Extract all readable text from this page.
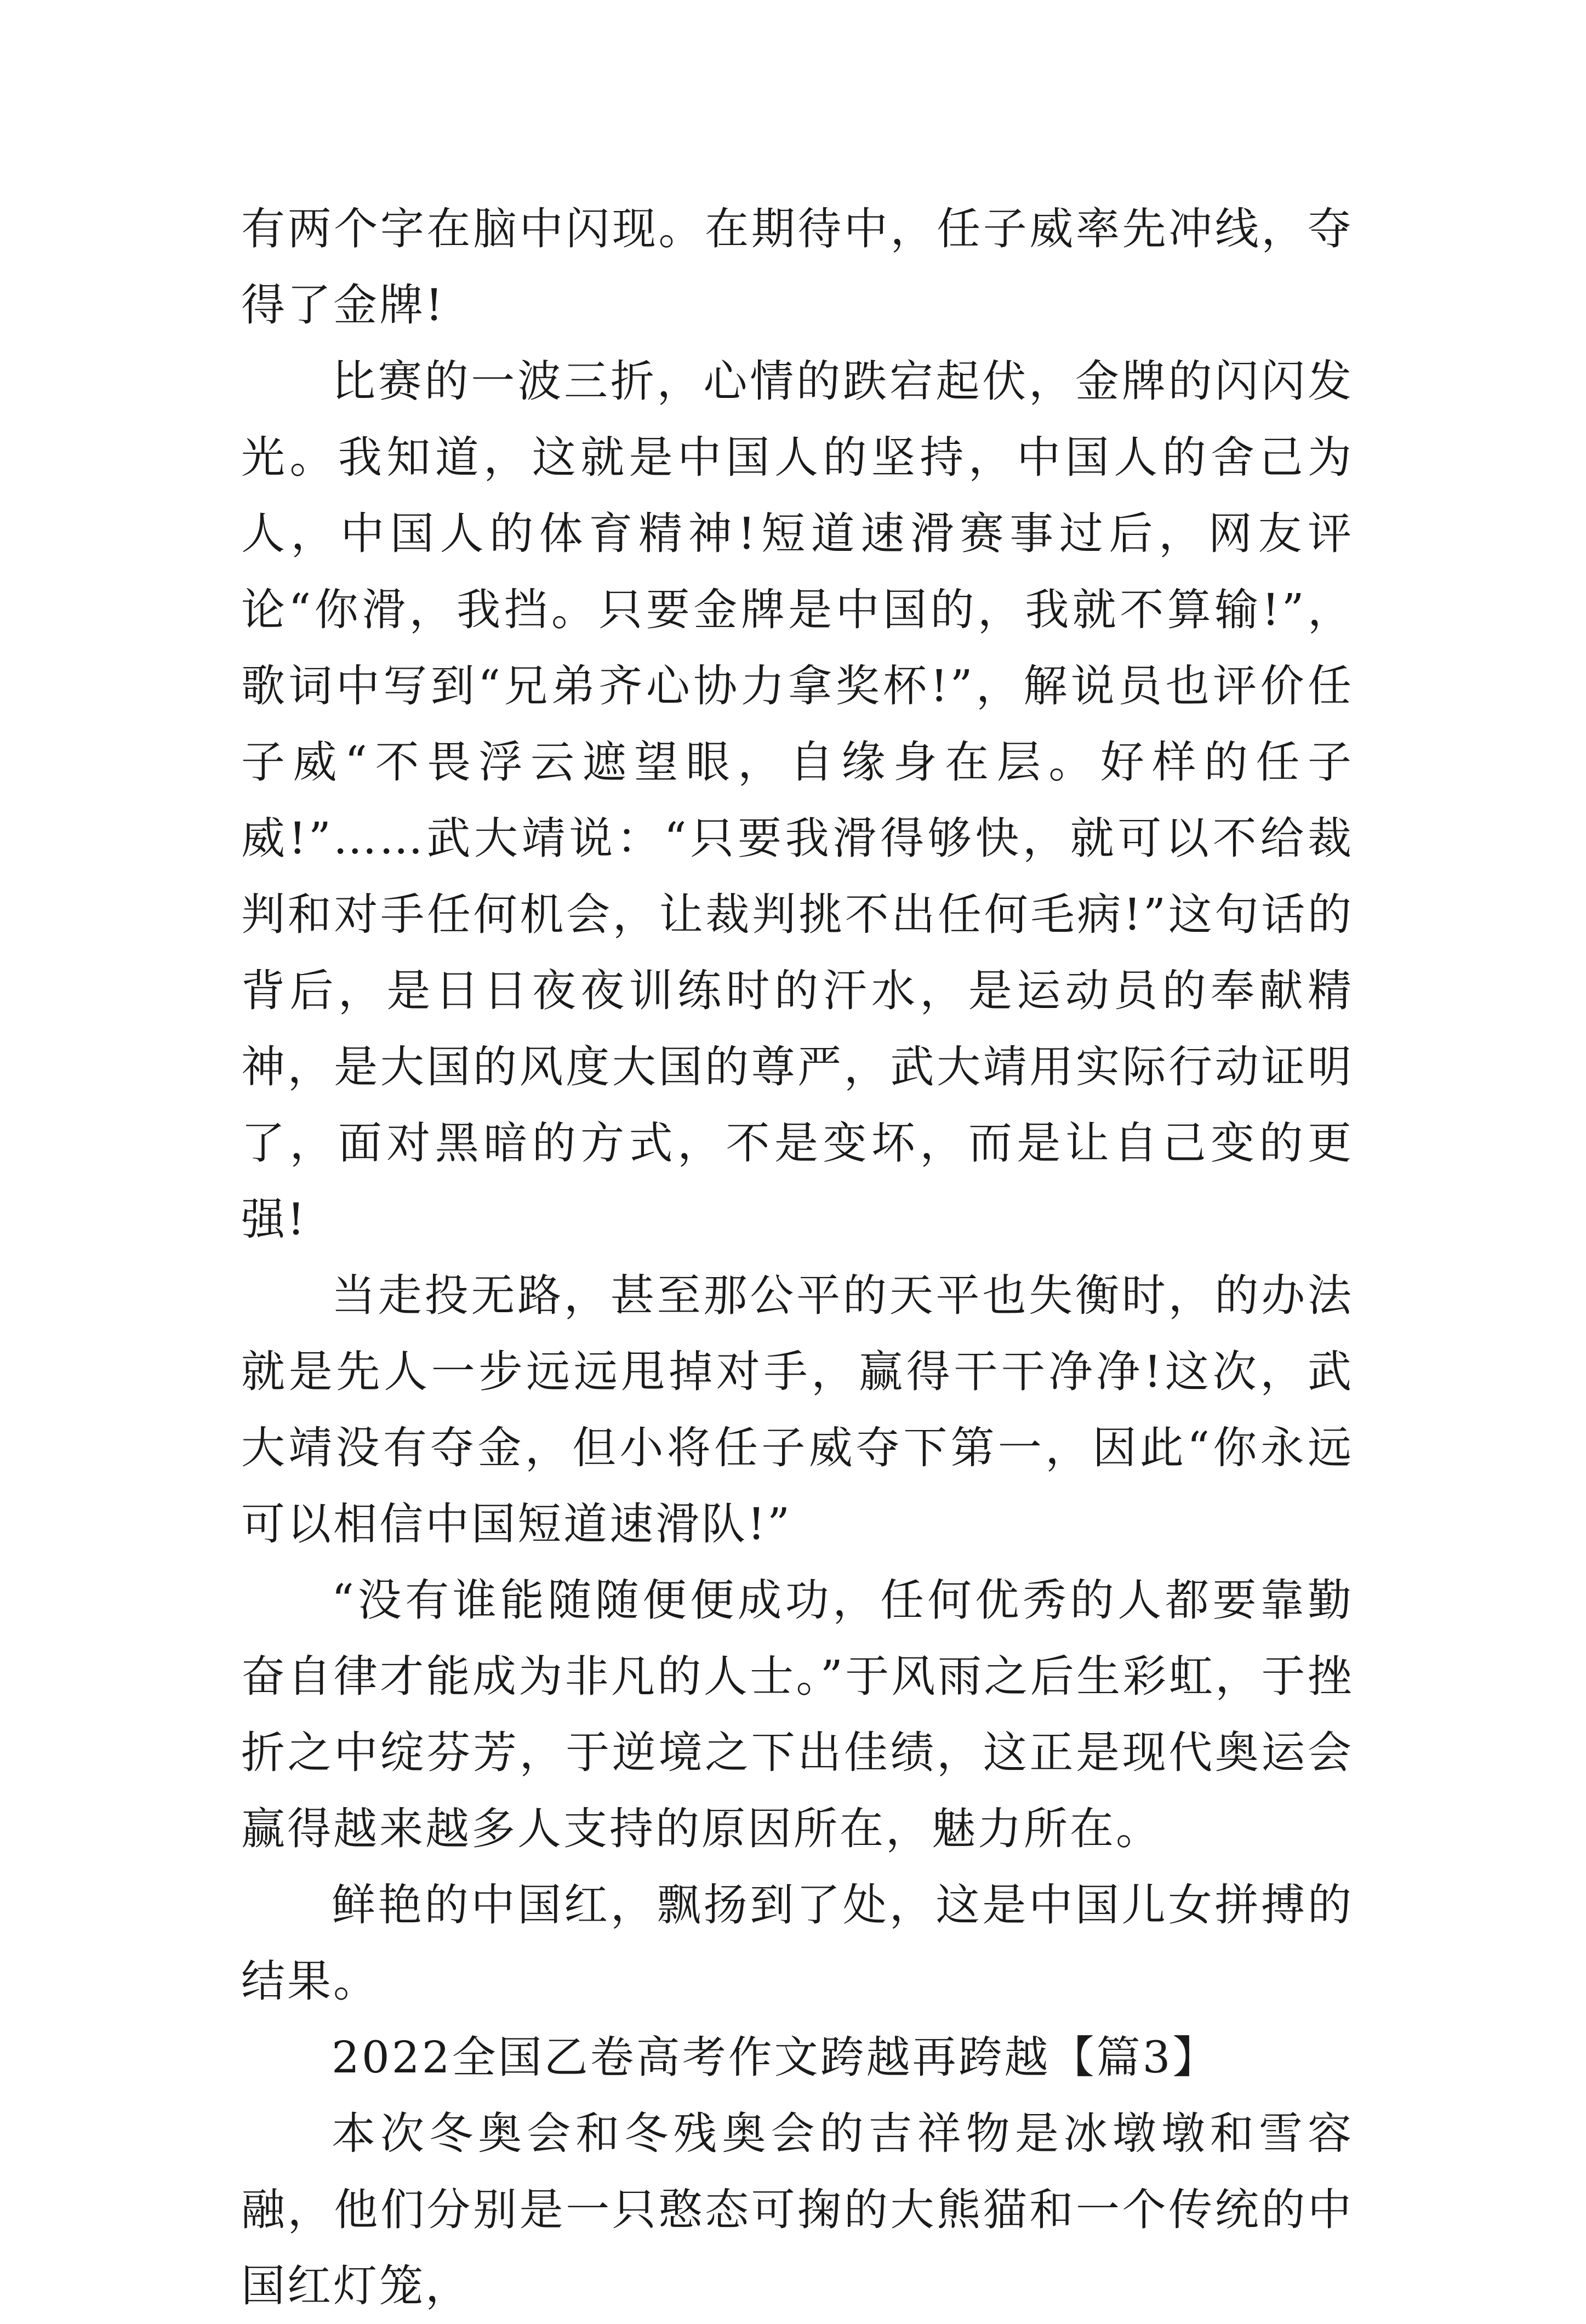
有两个字在脑中闪现。在期待中，任子威率先冲线，夺得了金牌!

比赛的一波三折，心情的跌宕起伏，金牌的闪闪发光。我知道，这就是中国人的坚持，中国人的舍己为人，中国人的体育精神!短道速滑赛事过后，网友评论“你滑，我挡。只要金牌是中国的，我就不算输!”，歌词中写到“兄弟齐心协力拿奖杯!”，解说员也评价任子威“不畏浮云遮望眼，自缘身在层。好样的任子威!”……武大靖说：“只要我滑得够快，就可以不给裁判和对手任何机会，让裁判挑不出任何毛病!”这句话的背后，是日日夜夜训练时的汗水，是运动员的奉献精神，是大国的风度大国的尊严，武大靖用实际行动证明了，面对黑暗的方式，不是变坏，而是让自己变的更强!

当走投无路，甚至那公平的天平也失衡时，的办法就是先人一步远远甩掉对手，赢得干干净净!这次，武大靖没有夺金，但小将任子威夺下第一，因此“你永远可以相信中国短道速滑队!”

“没有谁能随随便便成功，任何优秀的人都要靠勤奋自律才能成为非凡的人士。”于风雨之后生彩虹，于挫折之中绽芬芳，于逆境之下出佳绩，这正是现代奥运会赢得越来越多人支持的原因所在，魅力所在。

鲜艳的中国红，飘扬到了处，这是中国儿女拼搏的结果。

2022全国乙卷高考作文跨越再跨越【篇3】

本次冬奥会和冬残奥会的吉祥物是冰墩墩和雪容融，他们分别是一只憨态可掬的大熊猫和一个传统的中国红灯笼，
